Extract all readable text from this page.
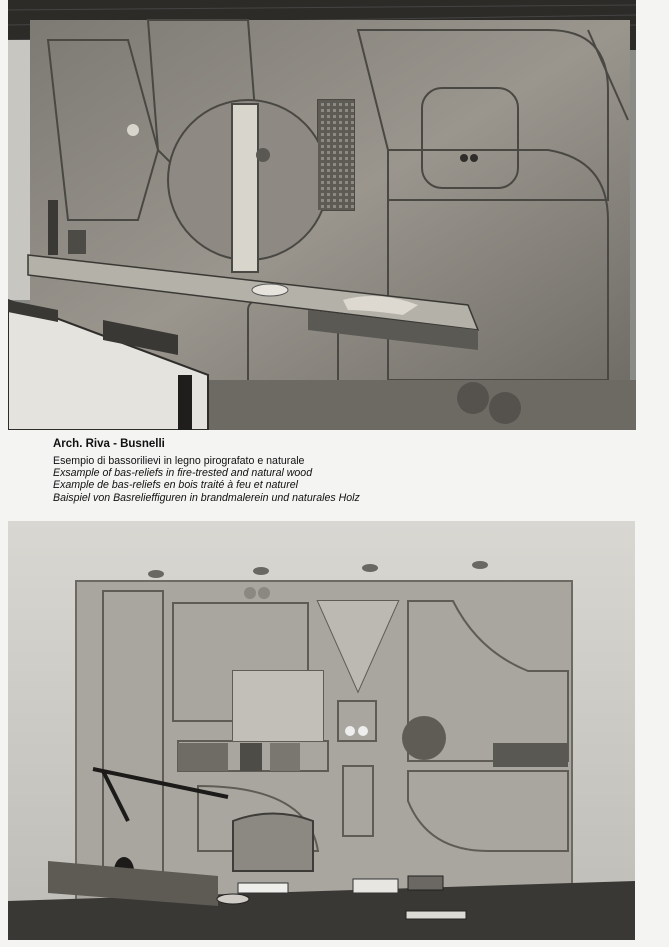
Arch. Riva - Busnelli
Esempio di bassorilievi in legno pirografato e naturale
Exsample of bas-reliefs in fire-trested and natural wood
Example de bas-reliefs en bois traité à feu et naturel
Baispiel von Basrelieffiguren in brandmalerein und naturales Holz
